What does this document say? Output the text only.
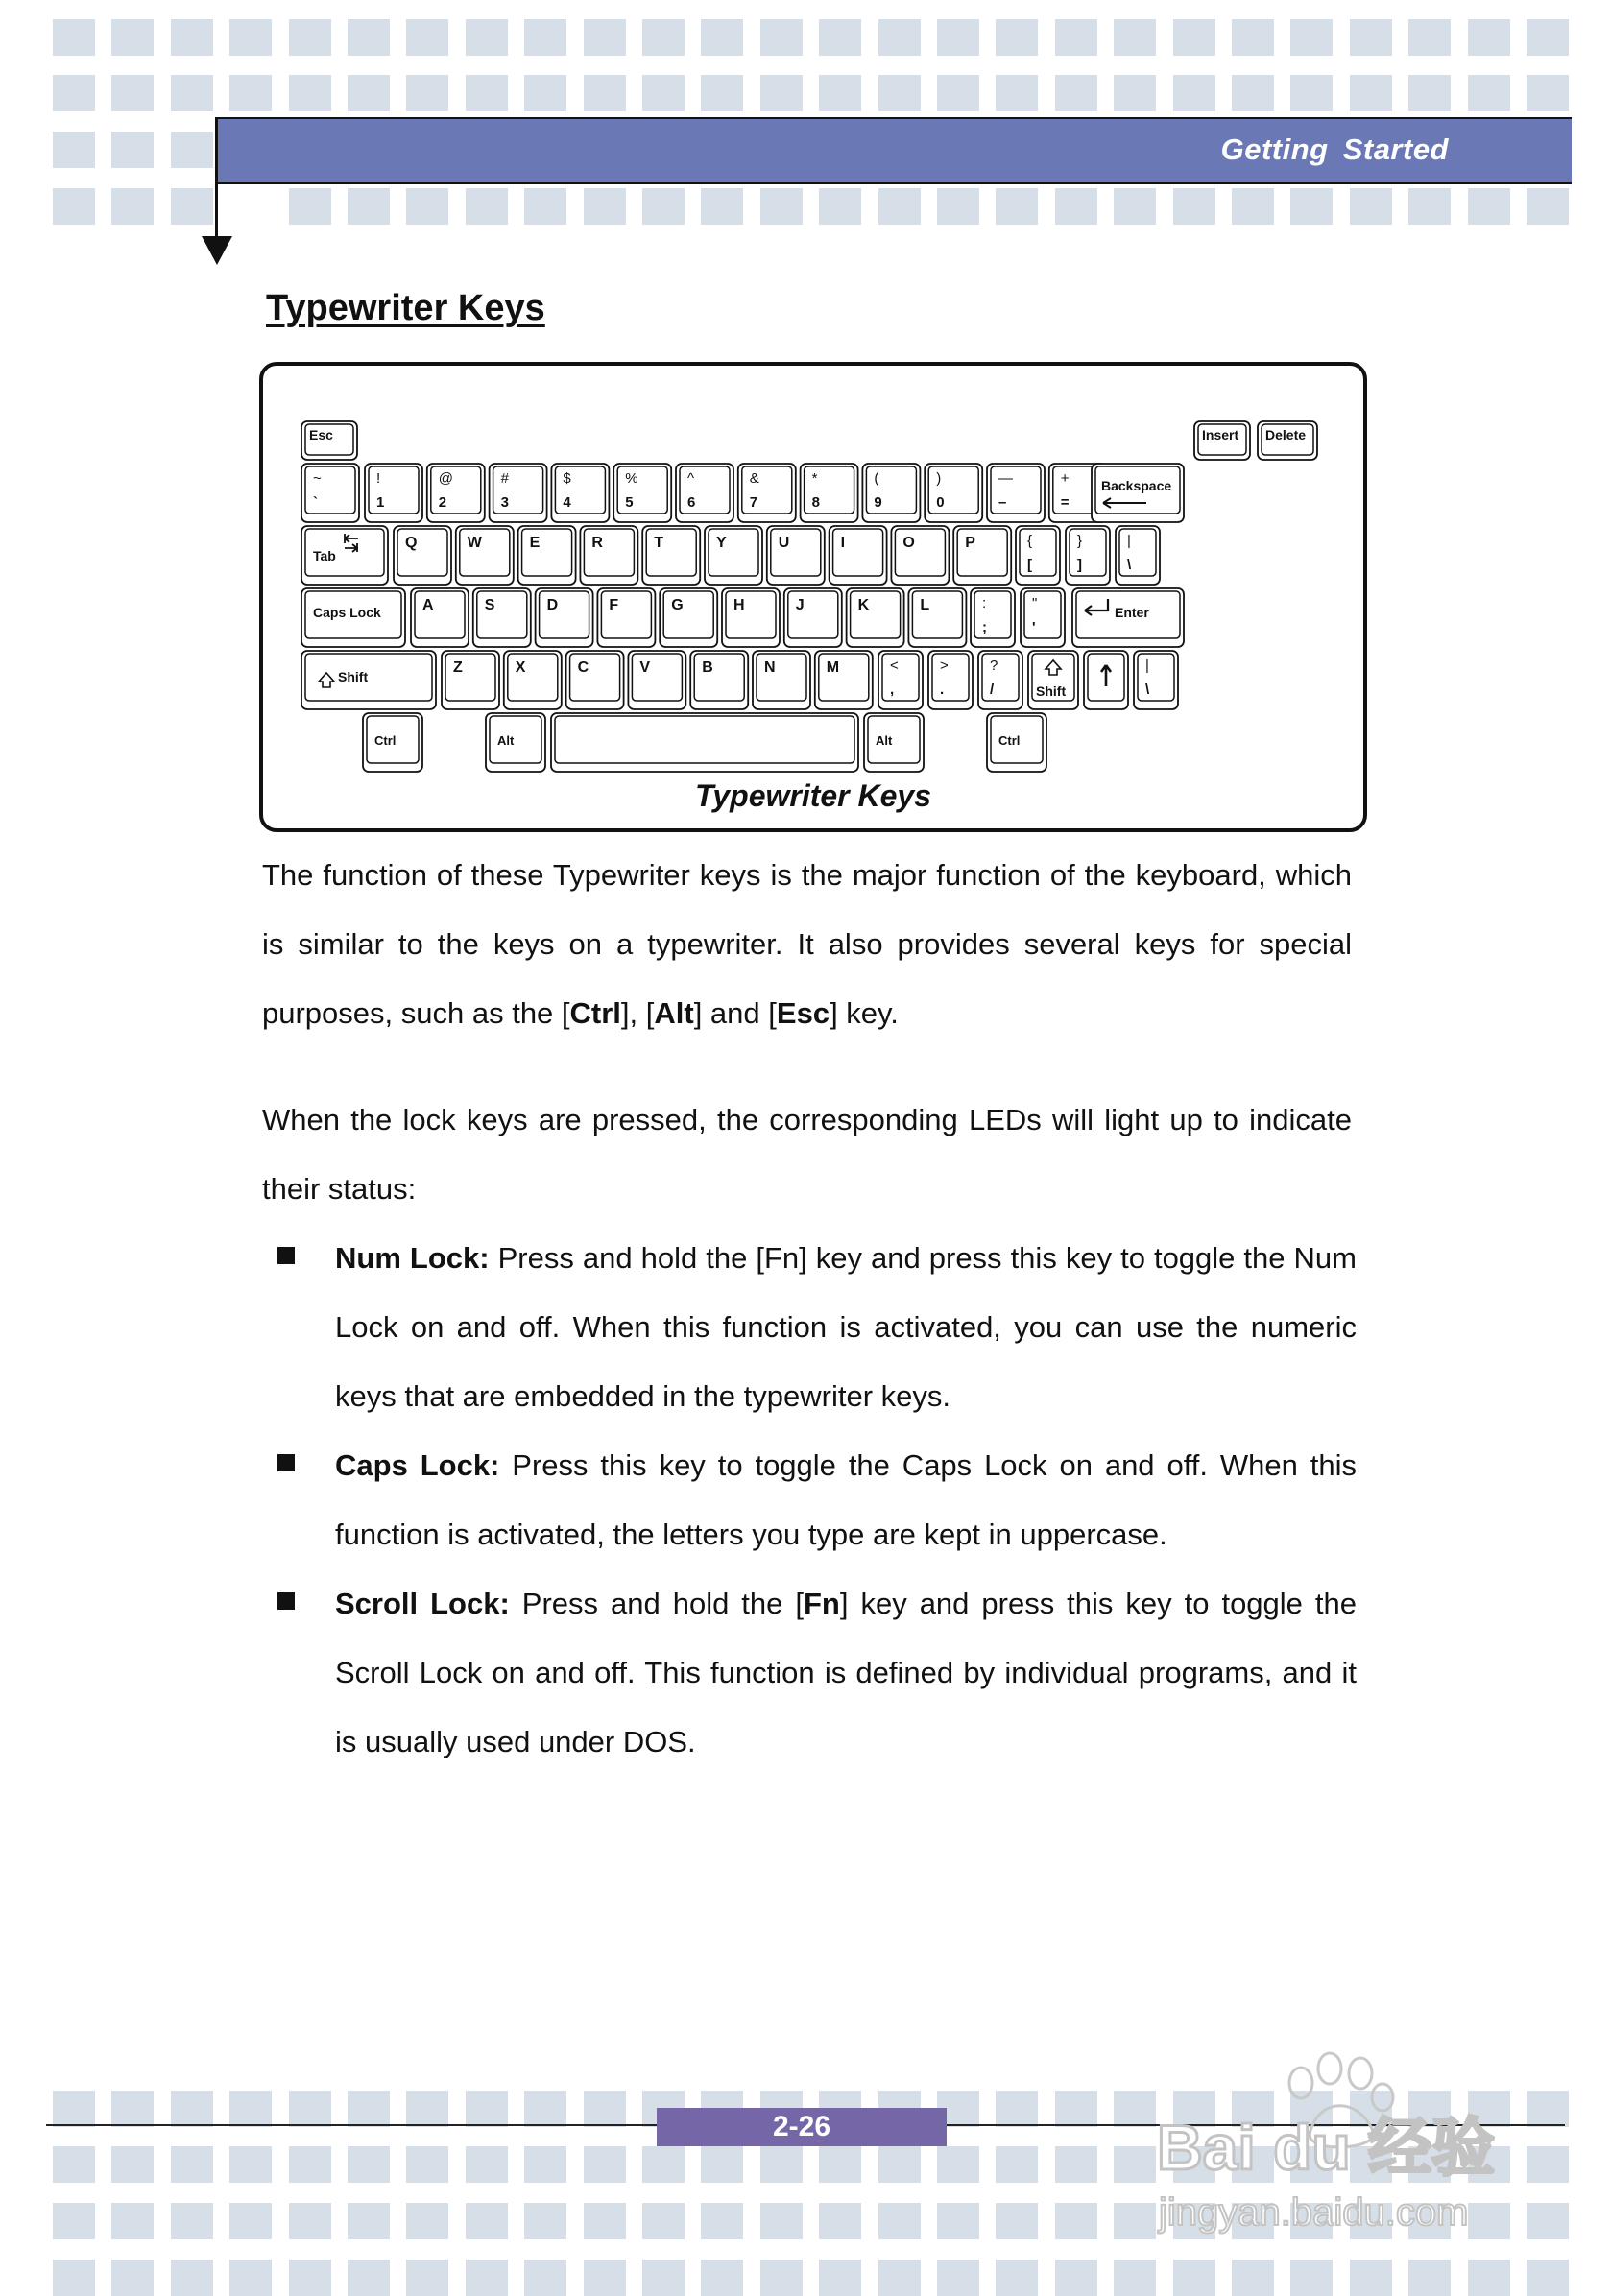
Getting Started
Typewriter Keys
Esc	Insert Delete
~
`
!
1
@
2
#
3
$
4
%
5
^
6
&
7
*
8
(
9
)
0
—
–
+
=
Backspace
Tab
Q	W	E	R	T	Y	U	I	O	P	{
[
}
]
|
\
Caps Lock	A	S	D	F	G	H	J	K	L	:
;
"
'
Enter
Shift
Z	X	C	V	B	N	M	<
,
>
.
?
/	Shift
|
\
Ctrl	Alt	Alt	Ctrl
Typewriter Keys

The function of these Typewriter keys is the major function of the keyboard, which is similar to the keys on a typewriter. It also provides several keys for special purposes, such as the [Ctrl], [Alt] and [Esc] key.

When the lock keys are pressed, the corresponding LEDs will light up to indicate their status:

Num Lock: Press and hold the [Fn] key and press this key to toggle the Num Lock on and off. When this function is activated, you can use the numeric keys that are embedded in the typewriter keys.

Caps Lock: Press this key to toggle the Caps Lock on and off. When this function is activated, the letters you type are kept in uppercase.

Scroll Lock: Press and hold the [Fn] key and press this key to toggle the Scroll Lock on and off. This function is defined by individual programs, and it is usually used under DOS.

2-26	Bai du 经验
jingyan.baidu.com
